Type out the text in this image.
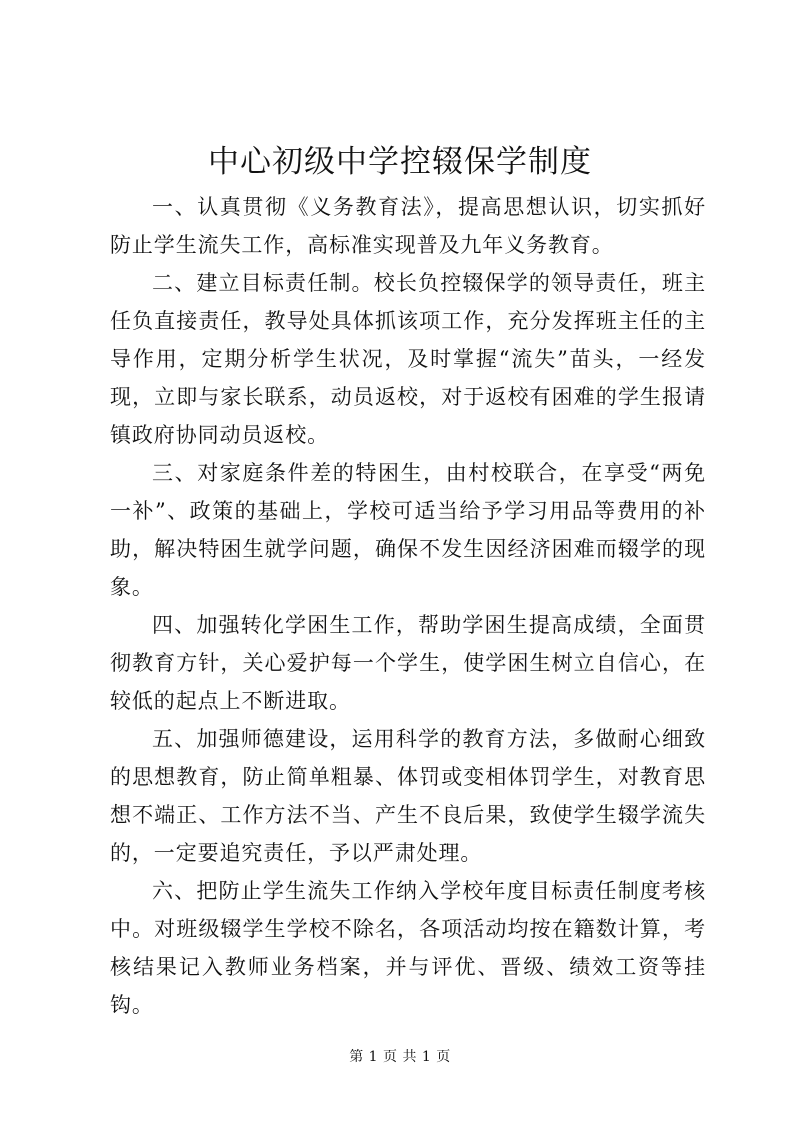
中心初级中学控辍保学制度

一、认真贯彻《义务教育法》，提高思想认识，切实抓好防止学生流失工作，高标准实现普及九年义务教育。

二、建立目标责任制。校长负控辍保学的领导责任，班主任负直接责任，教导处具体抓该项工作，充分发挥班主任的主导作用，定期分析学生状况，及时掌握“流失”苗头，一经发现，立即与家长联系，动员返校，对于返校有困难的学生报请镇政府协同动员返校。

三、对家庭条件差的特困生，由村校联合，在享受“两免一补”、政策的基础上，学校可适当给予学习用品等费用的补助，解决特困生就学问题，确保不发生因经济困难而辍学的现象。

四、加强转化学困生工作，帮助学困生提高成绩，全面贯彻教育方针，关心爱护每一个学生，使学困生树立自信心，在较低的起点上不断进取。

五、加强师德建设，运用科学的教育方法，多做耐心细致的思想教育，防止简单粗暴、体罚或变相体罚学生，对教育思想不端正、工作方法不当、产生不良后果，致使学生辍学流失的，一定要追究责任，予以严肃处理。

六、把防止学生流失工作纳入学校年度目标责任制度考核中。对班级辍学生学校不除名，各项活动均按在籍数计算，考核结果记入教师业务档案，并与评优、晋级、绩效工资等挂钩。

第 1 页 共 1 页
